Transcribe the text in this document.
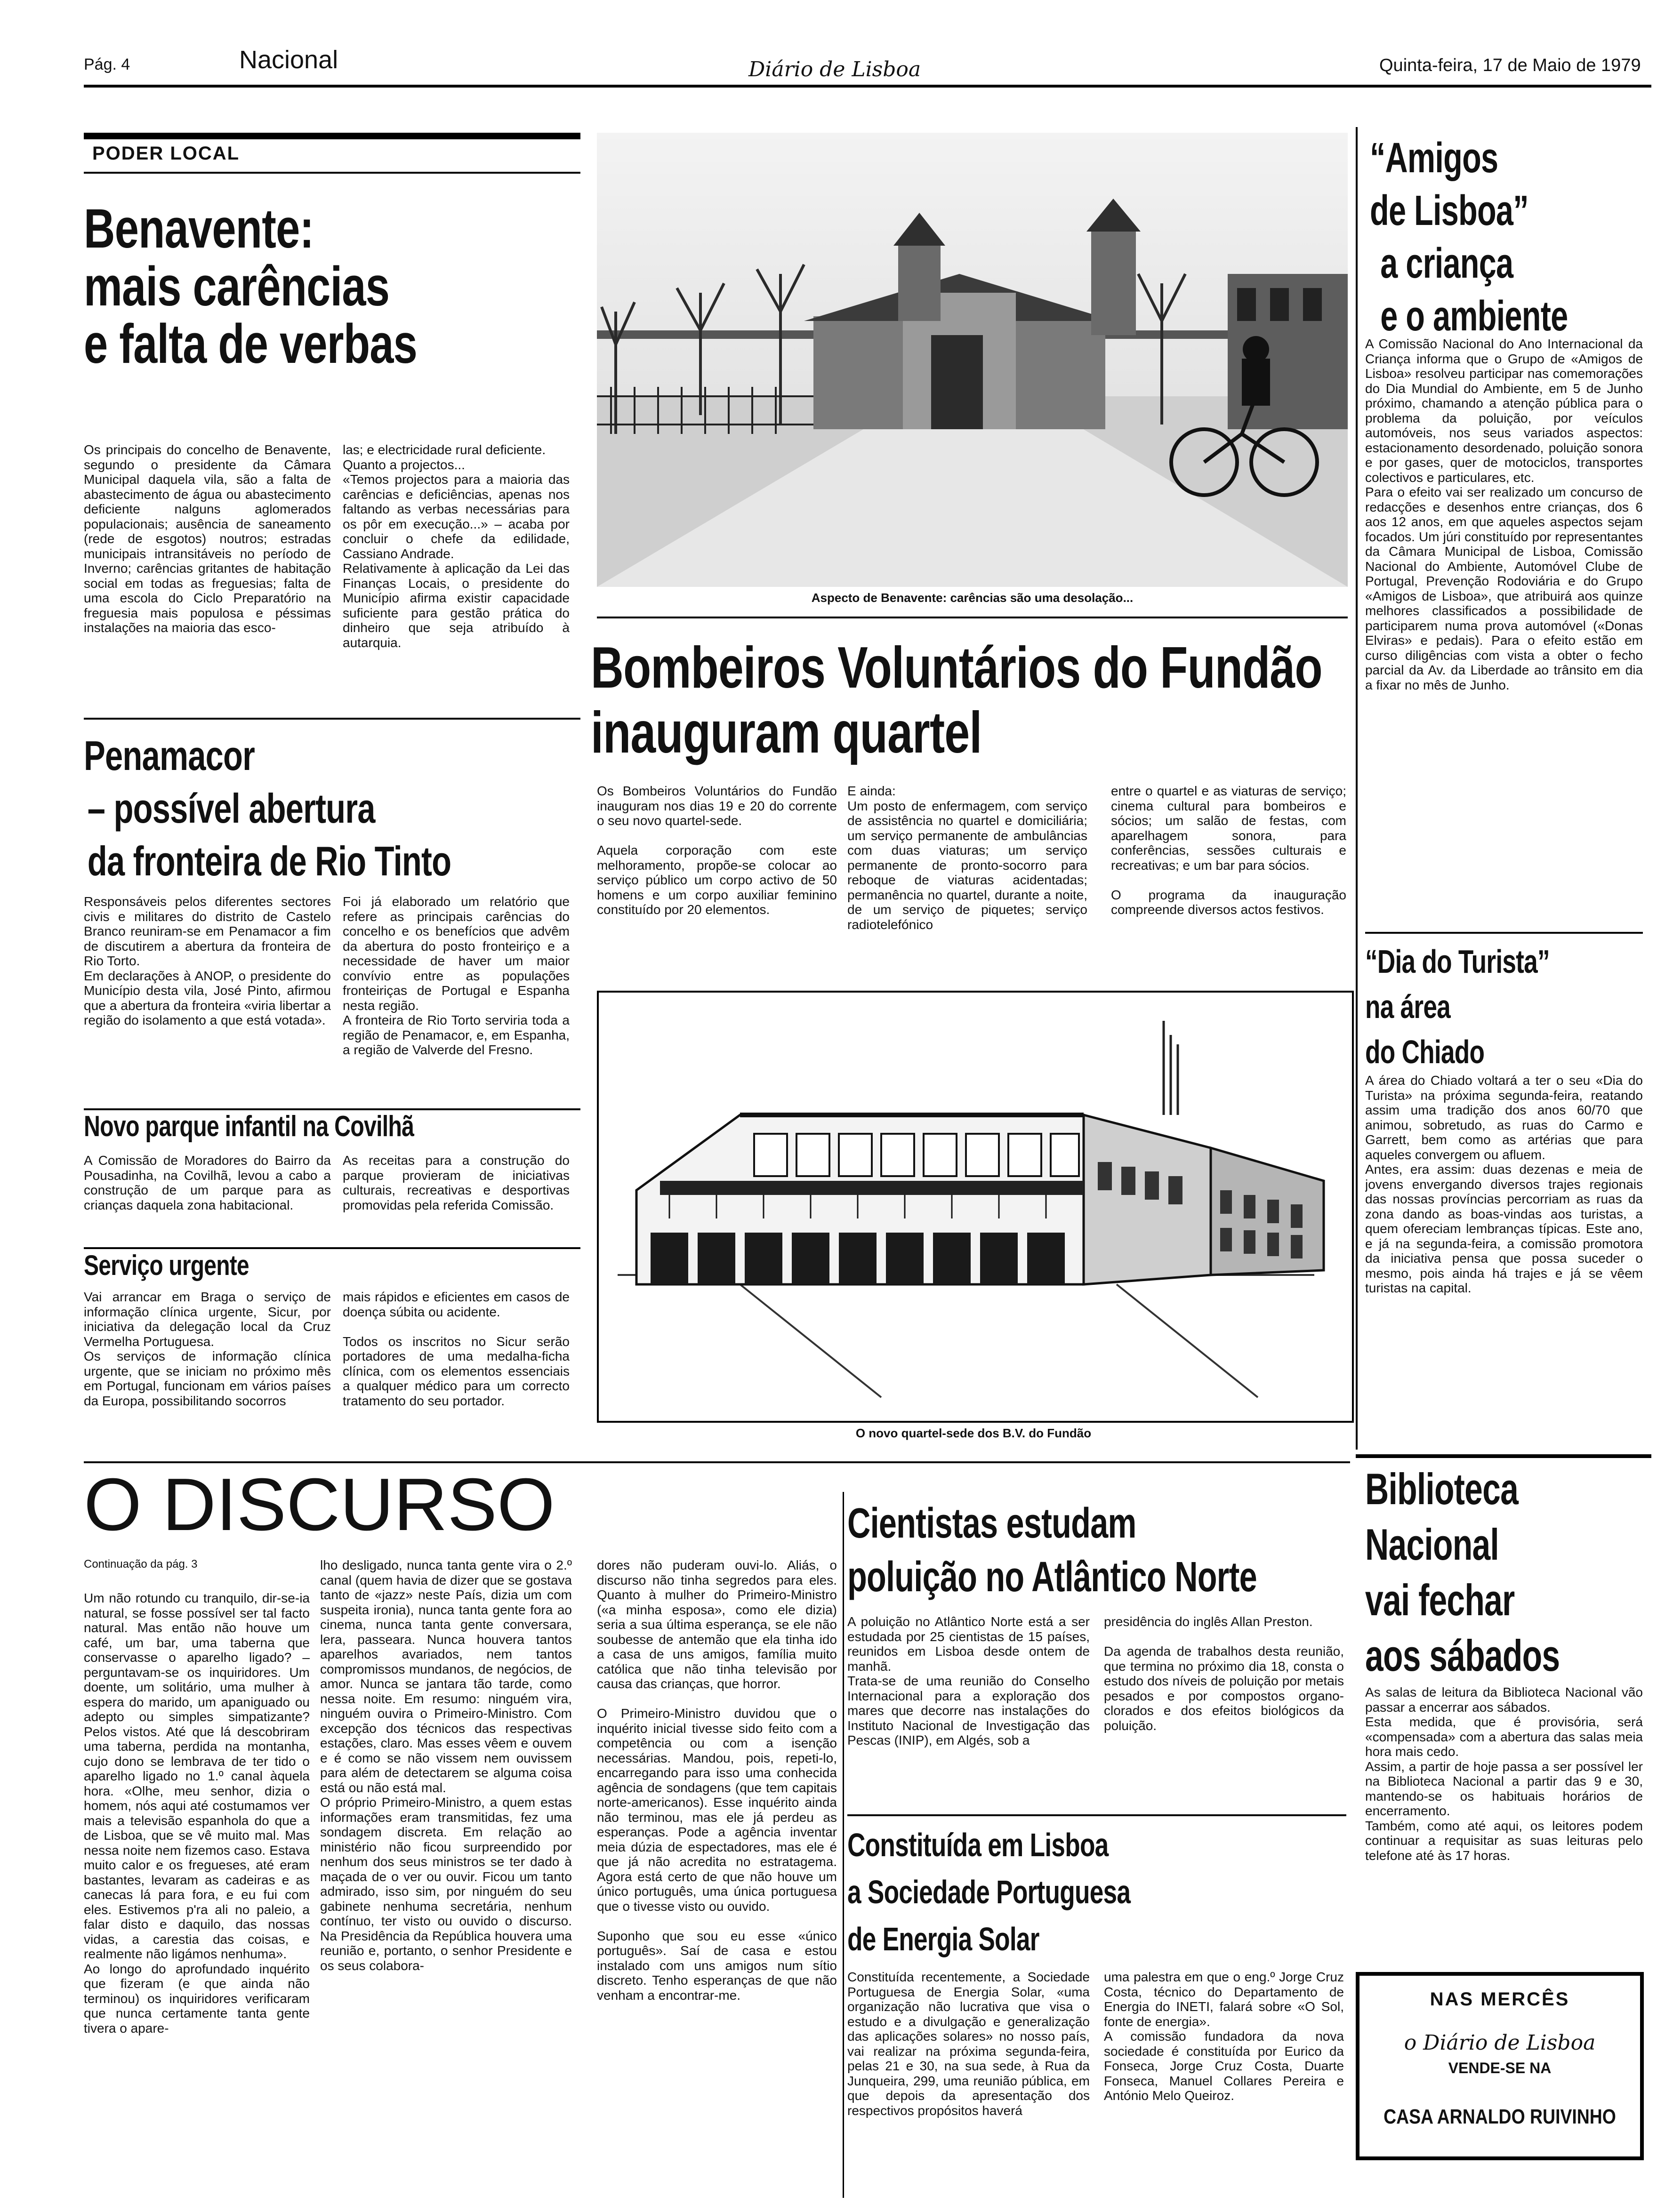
Pág. 4	Nacional	Diário de Lisboa	Quinta-feira, 17 de Maio de 1979
PODER LOCAL
Benavente:
mais carências
e falta de verbas
Os principais do concelho de Benavente, segundo o presidente da Câmara Municipal daquela vila, são a falta de abastecimento de água ou abastecimento deficiente nalguns aglomerados populacionais; ausência de saneamento (rede de esgotos) noutros; estradas municipais intransitáveis no período de Inverno; carências gritantes de habitação social em todas as freguesias; falta de uma escola do Ciclo Preparatório na freguesia mais populosa e péssimas instalações na maioria das esco-
las; e electricidade rural deficiente.
Quanto a projectos...
«Temos projectos para a maioria das carências e deficiências, apenas nos faltando as verbas necessárias para os pôr em execução...» – acaba por concluir o chefe da edilidade, Cassiano Andrade.
Relativamente à aplicação da Lei das Finanças Locais, o presidente do Município afirma existir capacidade suficiente para gestão prática do dinheiro que seja atribuído à autarquia.
Aspecto de Benavente: carências são uma desolação...
Penamacor
– possível abertura
da fronteira de Rio Tinto
Responsáveis pelos diferentes sectores civis e militares do distrito de Castelo Branco reuniram-se em Penamacor a fim de discutirem a abertura da fronteira de Rio Torto.
Em declarações à ANOP, o presidente do Município desta vila, José Pinto, afirmou que a abertura da fronteira «viria libertar a região do isolamento a que está votada».
Foi já elaborado um relatório que refere as principais carências do concelho e os benefícios que advêm da abertura do posto fronteiriço e a necessidade de haver um maior convívio entre as populações fronteiriças de Portugal e Espanha nesta região.
A fronteira de Rio Torto serviria toda a região de Penamacor, e, em Espanha, a região de Valverde del Fresno.
Novo parque infantil na Covilhã
A Comissão de Moradores do Bairro da Pousadinha, na Covilhã, levou a cabo a construção de um parque para as crianças daquela zona habitacional.
As receitas para a construção do parque provieram de iniciativas culturais, recreativas e desportivas promovidas pela referida Comissão.
Serviço urgente
Vai arrancar em Braga o serviço de informação clínica urgente, Sicur, por iniciativa da delegação local da Cruz Vermelha Portuguesa.
Os serviços de informação clínica urgente, que se iniciam no próximo mês em Portugal, funcionam em vários países da Europa, possibilitando socorros
mais rápidos e eficientes em casos de doença súbita ou acidente.

Todos os inscritos no Sicur serão portadores de uma medalha-ficha clínica, com os elementos essenciais a qualquer médico para um correcto tratamento do seu portador.
Bombeiros Voluntários do Fundão
inauguram quartel
Os Bombeiros Voluntários do Fundão inauguram nos dias 19 e 20 do corrente o seu novo quartel-sede.

Aquela corporação com este melhoramento, propõe-se colocar ao serviço público um corpo activo de 50 homens e um corpo auxiliar feminino constituído por 20 elementos.
E ainda:
Um posto de enfermagem, com serviço de assistência no quartel e domiciliária; um serviço permanente de ambulâncias com duas viaturas; um serviço permanente de pronto-socorro para reboque de viaturas acidentadas; permanência no quartel, durante a noite, de um serviço de piquetes; serviço radiotelefónico
entre o quartel e as viaturas de serviço; cinema cultural para bombeiros e sócios; um salão de festas, com aparelhagem sonora, para conferências, sessões culturais e recreativas; e um bar para sócios.

O programa da inauguração compreende diversos actos festivos.
O novo quartel-sede dos B.V. do Fundão
“Amigos
de Lisboa”
a criança
e o ambiente
A Comissão Nacional do Ano Internacional da Criança informa que o Grupo de «Amigos de Lisboa» resolveu participar nas comemorações do Dia Mundial do Ambiente, em 5 de Junho próximo, chamando a atenção pública para o problema da poluição, por veículos automóveis, nos seus variados aspectos: estacionamento desordenado, poluição sonora e por gases, quer de motociclos, transportes colectivos e particulares, etc.
Para o efeito vai ser realizado um concurso de redacções e desenhos entre crianças, dos 6 aos 12 anos, em que aqueles aspectos sejam focados. Um júri constituído por representantes da Câmara Municipal de Lisboa, Comissão Nacional do Ambiente, Automóvel Clube de Portugal, Prevenção Rodoviária e do Grupo «Amigos de Lisboa», que atribuirá aos quinze melhores classificados a possibilidade de participarem numa prova automóvel («Donas Elviras» e pedais). Para o efeito estão em curso diligências com vista a obter o fecho parcial da Av. da Liberdade ao trânsito em dia a fixar no mês de Junho.
“Dia do Turista”
na área
do Chiado
A área do Chiado voltará a ter o seu «Dia do Turista» na próxima segunda-feira, reatando assim uma tradição dos anos 60/70 que animou, sobretudo, as ruas do Carmo e Garrett, bem como as artérias que para aqueles convergem ou afluem.
Antes, era assim: duas dezenas e meia de jovens envergando diversos trajes regionais das nossas províncias percorriam as ruas da zona dando as boas-vindas aos turistas, a quem ofereciam lembranças típicas. Este ano, e já na segunda-feira, a comissão promotora da iniciativa pensa que possa suceder o mesmo, pois ainda há trajes e já se vêem turistas na capital.
Biblioteca
Nacional
vai fechar
aos sábados
As salas de leitura da Biblioteca Nacional vão passar a encerrar aos sábados.
Esta medida, que é provisória, será «compensada» com a abertura das salas meia hora mais cedo.
Assim, a partir de hoje passa a ser possível ler na Biblioteca Nacional a partir das 9 e 30, mantendo-se os habituais horários de encerramento.
Também, como até aqui, os leitores podem continuar a requisitar as suas leituras pelo telefone até às 17 horas.
NAS MERCÊS
o Diário de Lisboa
VENDE-SE NA
CASA ARNALDO RUIVINHO
O DISCURSO
Continuação da pág. 3
Um não rotundo cu tranquilo, dir-se-ia natural, se fosse possível ser tal facto natural. Mas então não houve um café, um bar, uma taberna que conservasse o aparelho ligado? –perguntavam-se os inquiridores. Um doente, um solitário, uma mulher à espera do marido, um apaniguado ou adepto ou simples simpatizante? Pelos vistos. Até que lá descobriram uma taberna, perdida na montanha, cujo dono se lembrava de ter tido o aparelho ligado no 1.º canal àquela hora. «Olhe, meu senhor, dizia o homem, nós aqui até costumamos ver mais a televisão espanhola do que a de Lisboa, que se vê muito mal. Mas nessa noite nem fizemos caso. Estava muito calor e os fregueses, até eram bastantes, levaram as cadeiras e as canecas lá para fora, e eu fui com eles. Estivemos p'ra ali no paleio, a falar disto e daquilo, das nossas vidas, a carestia das coisas, e realmente não ligámos nenhuma».
Ao longo do aprofundado inquérito que fizeram (e que ainda não terminou) os inquiridores verificaram que nunca certamente tanta gente tivera o apare-
lho desligado, nunca tanta gente vira o 2.º canal (quem havia de dizer que se gostava tanto de «jazz» neste País, dizia um com suspeita ironia), nunca tanta gente fora ao cinema, nunca tanta gente conversara, lera, passeara. Nunca houvera tantos aparelhos avariados, nem tantos compromissos mundanos, de negócios, de amor. Nunca se jantara tão tarde, como nessa noite. Em resumo: ninguém vira, ninguém ouvira o Primeiro-Ministro. Com excepção dos técnicos das respectivas estações, claro. Mas esses vêem e ouvem e é como se não vissem nem ouvissem para além de detectarem se alguma coisa está ou não está mal.
O próprio Primeiro-Ministro, a quem estas informações eram transmitidas, fez uma sondagem discreta. Em relação ao ministério não ficou surpreendido por nenhum dos seus ministros se ter dado à maçada de o ver ou ouvir. Ficou um tanto admirado, isso sim, por ninguém do seu gabinete nenhuma secretária, nenhum contínuo, ter visto ou ouvido o discurso. Na Presidência da República houvera uma reunião e, portanto, o senhor Presidente e os seus colabora-
dores não puderam ouvi-lo. Aliás, o discurso não tinha segredos para eles. Quanto à mulher do Primeiro-Ministro («a minha esposa», como ele dizia) seria a sua última esperança, se ele não soubesse de antemão que ela tinha ido a casa de uns amigos, família muito católica que não tinha televisão por causa das crianças, que horror.

O Primeiro-Ministro duvidou que o inquérito inicial tivesse sido feito com a competência ou com a isenção necessárias. Mandou, pois, repeti-lo, encarregando para isso uma conhecida agência de sondagens (que tem capitais norte-americanos). Esse inquérito ainda não terminou, mas ele já perdeu as esperanças. Pode a agência inventar meia dúzia de espectadores, mas ele é que já não acredita no estratagema. Agora está certo de que não houve um único português, uma única portuguesa que o tivesse visto ou ouvido.

Suponho que sou eu esse «único português». Saí de casa e estou instalado com uns amigos num sítio discreto. Tenho esperanças de que não venham a encontrar-me.
Cientistas estudam
poluição no Atlântico Norte
A poluição no Atlântico Norte está a ser estudada por 25 cientistas de 15 países, reunidos em Lisboa desde ontem de manhã.
Trata-se de uma reunião do Conselho Internacional para a exploração dos mares que decorre nas instalações do Instituto Nacional de Investigação das Pescas (INIP), em Algés, sob a
presidência do inglês Allan Preston.

Da agenda de trabalhos desta reunião, que termina no próximo dia 18, consta o estudo dos níveis de poluição por metais pesados e por compostos organo-clorados e dos efeitos biológicos da poluição.
Constituída em Lisboa
a Sociedade Portuguesa
de Energia Solar
Constituída recentemente, a Sociedade Portuguesa de Energia Solar, «uma organização não lucrativa que visa o estudo e a divulgação e generalização das aplicações solares» no nosso país, vai realizar na próxima segunda-feira, pelas 21 e 30, na sua sede, à Rua da Junqueira, 299, uma reunião pública, em que depois da apresentação dos respectivos propósitos haverá
uma palestra em que o eng.º Jorge Cruz Costa, técnico do Departamento de Energia do INETI, falará sobre «O Sol, fonte de energia».
A comissão fundadora da nova sociedade é constituída por Eurico da Fonseca, Jorge Cruz Costa, Duarte Fonseca, Manuel Collares Pereira e António Melo Queiroz.
